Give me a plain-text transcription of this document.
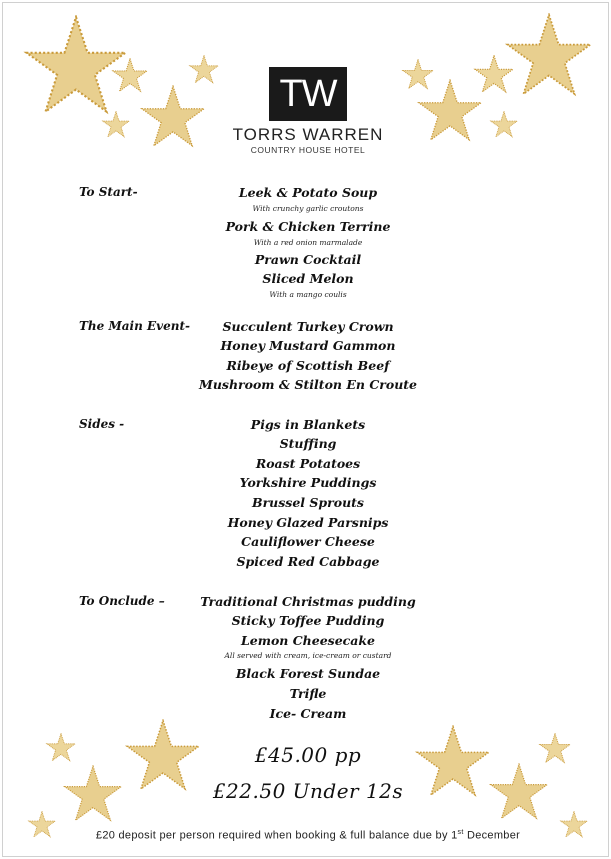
TW
TORRS WARREN
COUNTRY HOUSE HOTEL
To Start-	Leek & Potato Soup
With crunchy garlic croutons
Pork & Chicken Terrine
With a red onion marmalade
Prawn Cocktail
Sliced Melon
With a mango coulis
The Main Event-	Succulent Turkey Crown
Honey Mustard Gammon
Ribeye of Scottish Beef
Mushroom & Stilton En Croute
Sides -	Pigs in Blankets
Stuffing
Roast Potatoes
Yorkshire Puddings
Brussel Sprouts
Honey Glazed Parsnips
Cauliflower Cheese
Spiced Red Cabbage
To Onclude –	Traditional Christmas pudding
Sticky Toffee Pudding
Lemon Cheesecake
All served with cream, ice-cream or custard
Black Forest Sundae
Trifle
Ice- Cream
£45.00 pp
£22.50 Under 12s
£20 deposit per person required when booking & full balance due by 1st December
